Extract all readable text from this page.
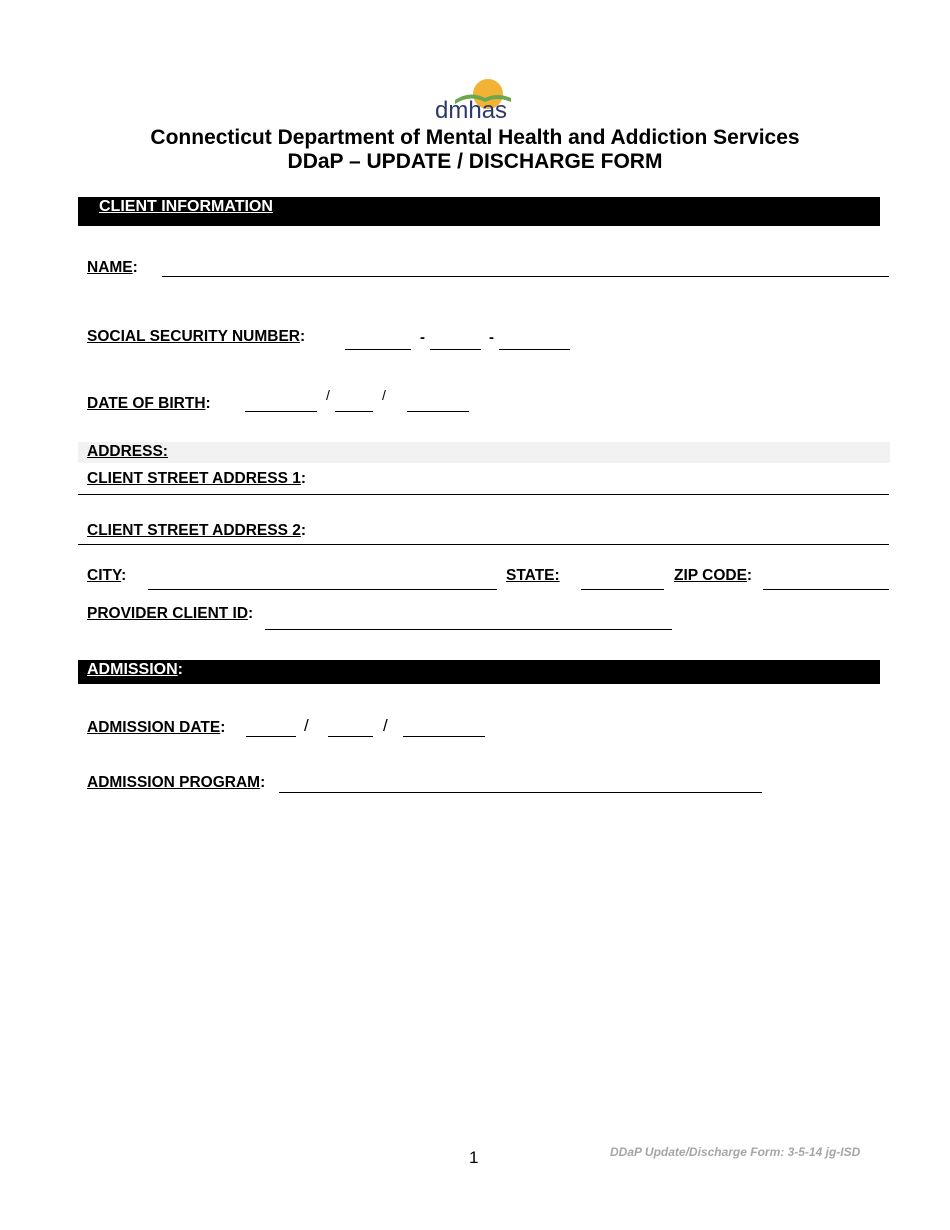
dmhas
Connecticut Department of Mental Health and Addiction Services
DDaP – UPDATE / DISCHARGE FORM
CLIENT INFORMATION
NAME:
SOCIAL SECURITY NUMBER:	-	-
DATE OF BIRTH:	/	/
ADDRESS:
CLIENT STREET ADDRESS 1:
CLIENT STREET ADDRESS 2:
CITY:	STATE:	ZIP CODE:
PROVIDER CLIENT ID:
ADMISSION:
ADMISSION DATE:	/	/
ADMISSION PROGRAM:
1	DDaP Update/Discharge Form: 3-5-14 jg-ISD
